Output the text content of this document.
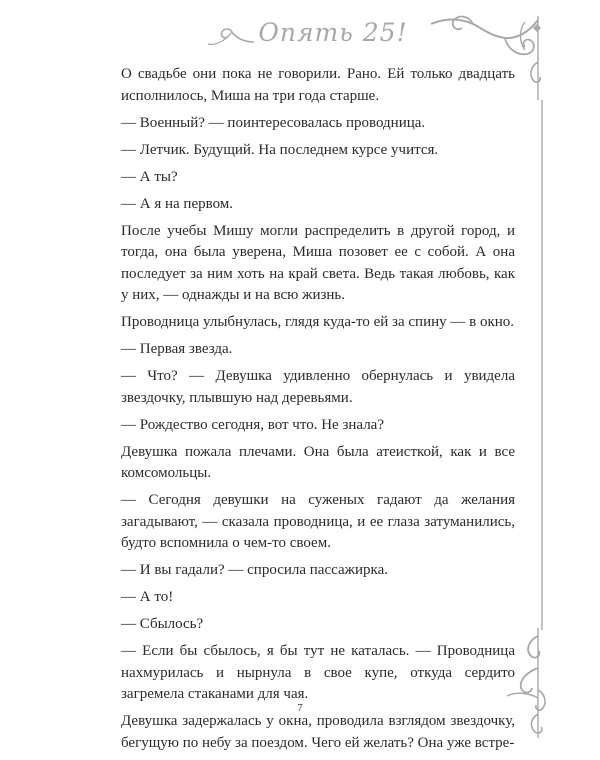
Опять 25!

О свадьбе они пока не говорили. Рано. Ей только двадцать исполнилось, Миша на три года старше.

— Военный? — поинтересовалась проводница.

— Летчик. Будущий. На последнем курсе учится.

— А ты?

— А я на первом.

После учебы Мишу могли распределить в другой город, и тогда, она была уверена, Миша позовет ее с собой. А она последует за ним хоть на край света. Ведь такая любовь, как у них, — однажды и на всю жизнь.

Проводница улыбнулась, глядя куда-то ей за спину — в окно.

— Первая звезда.

— Что? — Девушка удивленно обернулась и увидела звездочку, плывшую над деревьями.

— Рождество сегодня, вот что. Не знала?

Девушка пожала плечами. Она была атеисткой, как и все комсомольцы.

— Сегодня девушки на суженых гадают да желания загадывают, — сказала проводница, и ее глаза затуманились, будто вспомнила о чем-то своем.

— И вы гадали? — спросила пассажирка.

— А то!

— Сбылось?

— Если бы сбылось, я бы тут не каталась. — Проводница нахмурилась и нырнула в свое купе, откуда сердито загремела стаканами для чая.

Девушка задержалась у окна, проводила взглядом звездочку, бегущую по небу за поездом. Чего ей желать? Она уже встре-

7
